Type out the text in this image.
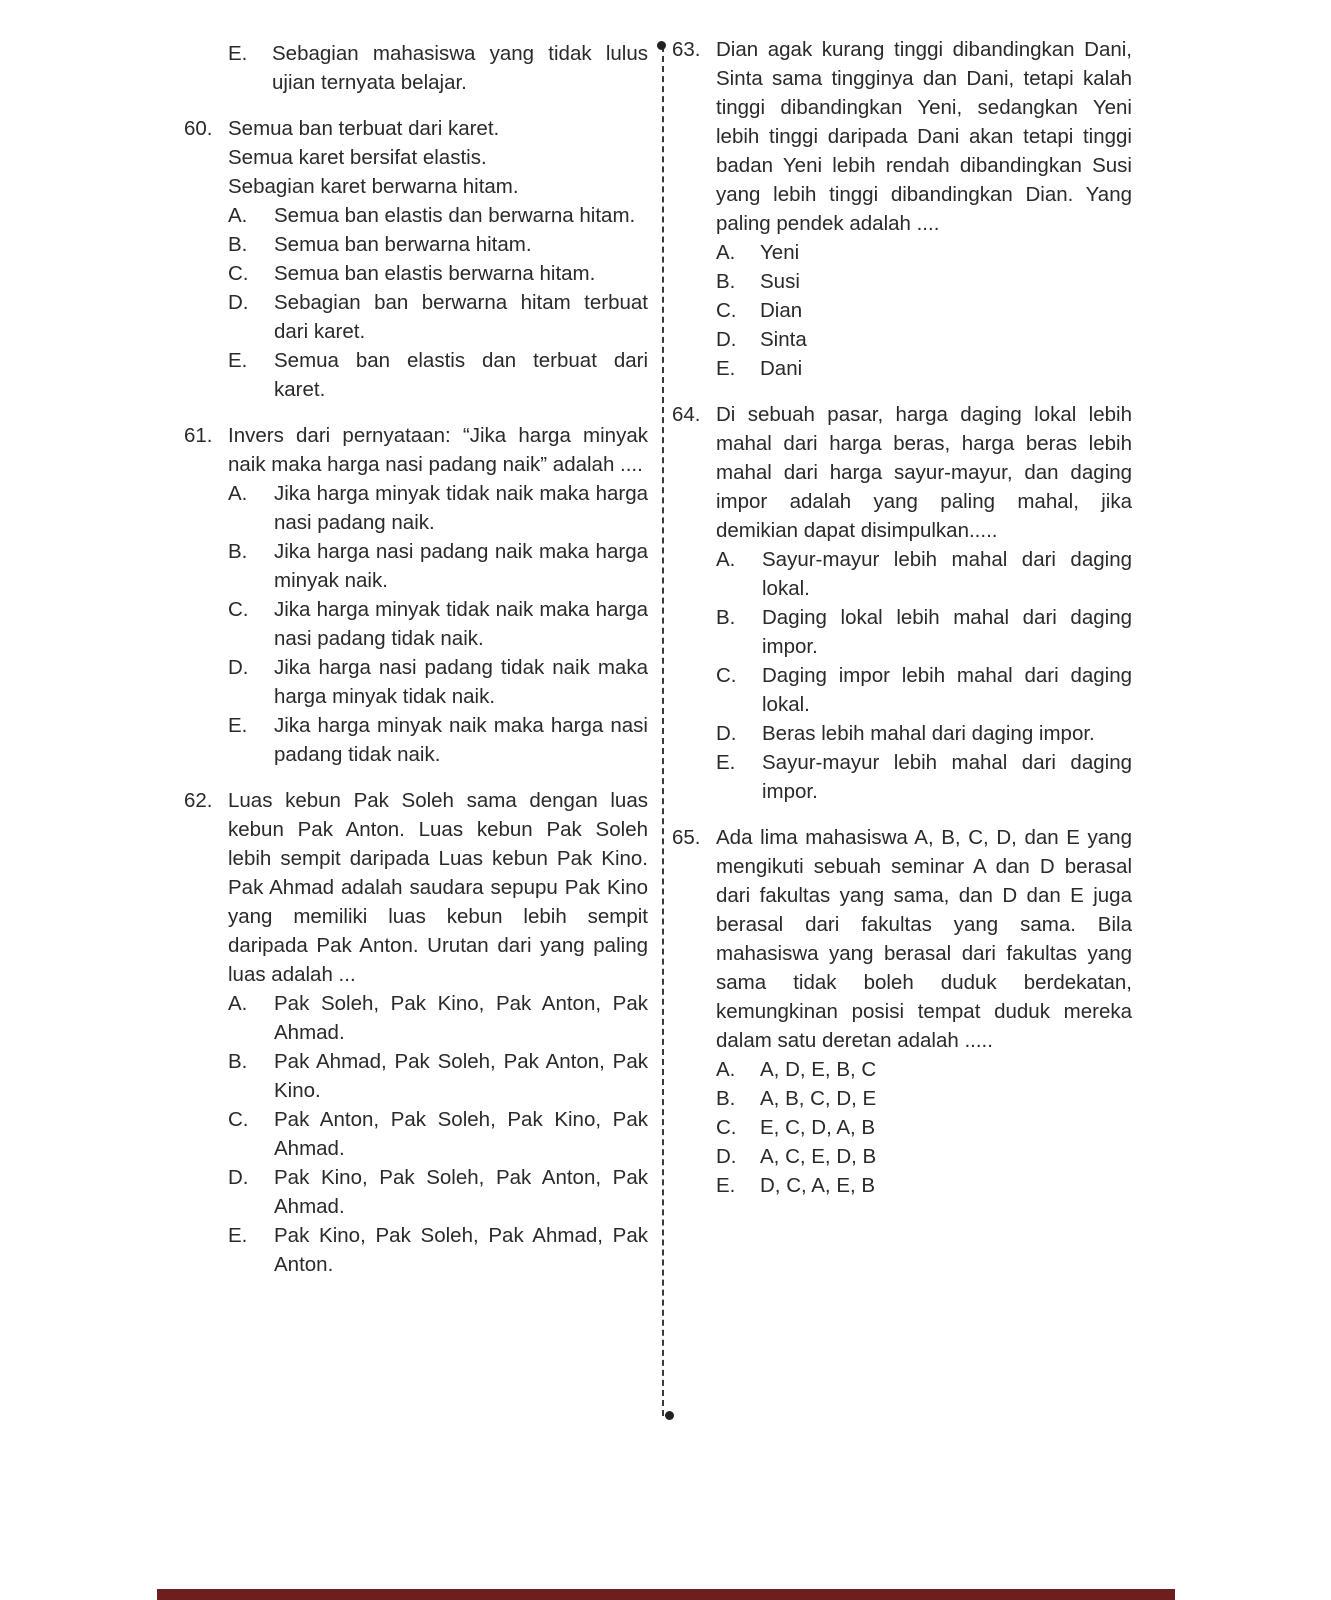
E. Sebagian mahasiswa yang tidak lulus ujian ternyata belajar.
60. Semua ban terbuat dari karet.
Semua karet bersifat elastis.
Sebagian karet berwarna hitam.
A. Semua ban elastis dan berwarna hitam.
B. Semua ban berwarna hitam.
C. Semua ban elastis berwarna hitam.
D. Sebagian ban berwarna hitam terbuat dari karet.
E. Semua ban elastis dan terbuat dari karet.
61. Invers dari pernyataan: “Jika harga minyak naik maka harga nasi padang naik” adalah ....
A. Jika harga minyak tidak naik maka harga nasi padang naik.
B. Jika harga nasi padang naik maka harga minyak naik.
C. Jika harga minyak tidak naik maka harga nasi padang tidak naik.
D. Jika harga nasi padang tidak naik maka harga minyak tidak naik.
E. Jika harga minyak naik maka harga nasi padang tidak naik.
62. Luas kebun Pak Soleh sama dengan luas kebun Pak Anton. Luas kebun Pak Soleh lebih sempit daripada Luas kebun Pak Kino. Pak Ahmad adalah saudara sepupu Pak Kino yang memiliki luas kebun lebih sempit daripada Pak Anton. Urutan dari yang paling luas adalah ...
A. Pak Soleh, Pak Kino, Pak Anton, Pak Ahmad.
B. Pak Ahmad, Pak Soleh, Pak Anton, Pak Kino.
C. Pak Anton, Pak Soleh, Pak Kino, Pak Ahmad.
D. Pak Kino, Pak Soleh, Pak Anton, Pak Ahmad.
E. Pak Kino, Pak Soleh, Pak Ahmad, Pak Anton.
63. Dian agak kurang tinggi dibandingkan Dani, Sinta sama tingginya dan Dani, tetapi kalah tinggi dibandingkan Yeni, sedangkan Yeni lebih tinggi daripada Dani akan tetapi tinggi badan Yeni lebih rendah dibandingkan Susi yang lebih tinggi dibandingkan Dian. Yang paling pendek adalah ....
A. Yeni
B. Susi
C. Dian
D. Sinta
E. Dani
64. Di sebuah pasar, harga daging lokal lebih mahal dari harga beras, harga beras lebih mahal dari harga sayur-mayur, dan daging impor adalah yang paling mahal, jika demikian dapat disimpulkan.....
A. Sayur-mayur lebih mahal dari daging lokal.
B. Daging lokal lebih mahal dari daging impor.
C. Daging impor lebih mahal dari daging lokal.
D. Beras lebih mahal dari daging impor.
E. Sayur-mayur lebih mahal dari daging impor.
65. Ada lima mahasiswa A, B, C, D, dan E yang mengikuti sebuah seminar A dan D berasal dari fakultas yang sama, dan D dan E juga berasal dari fakultas yang sama. Bila mahasiswa yang berasal dari fakultas yang sama tidak boleh duduk berdekatan, kemungkinan posisi tempat duduk mereka dalam satu deretan adalah .....
A. A, D, E, B, C
B. A, B, C, D, E
C. E, C, D, A, B
D. A, C, E, D, B
E. D, C, A, E, B
